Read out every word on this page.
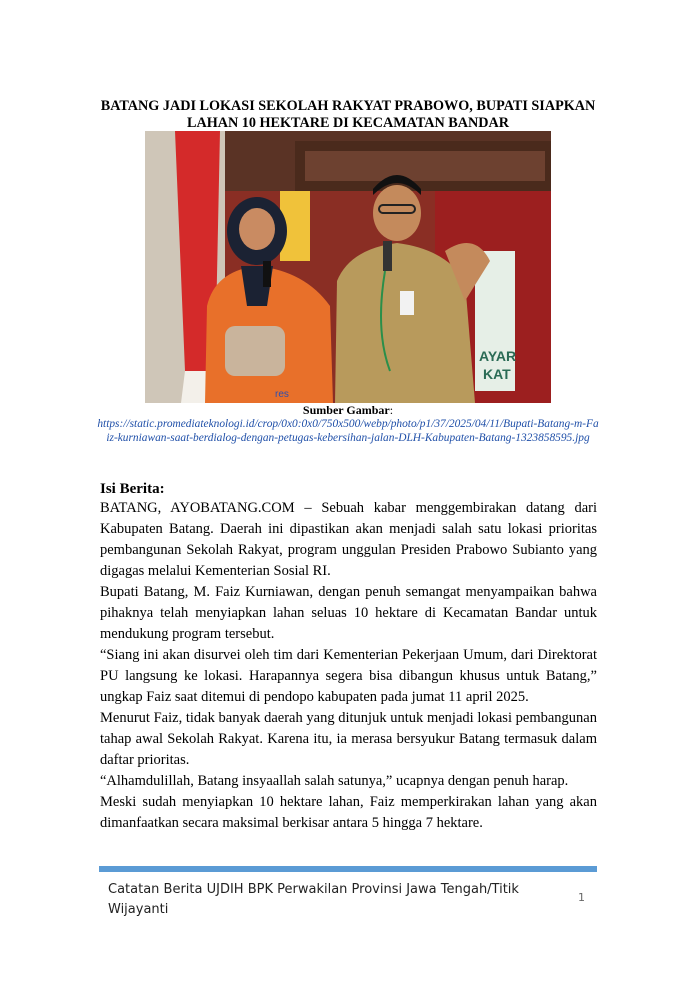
BATANG JADI LOKASI SEKOLAH RAKYAT PRABOWO, BUPATI SIAPKAN LAHAN 10 HEKTARE DI KECAMATAN BANDAR
AYAR
KAT
res
Sumber Gambar:
https://static.promediateknologi.id/crop/0x0:0x0/750x500/webp/photo/p1/37/2025/04/11/Bupati-Batang-m-Faiz-kurniawan-saat-berdialog-dengan-petugas-kebersihan-jalan-DLH-Kabupaten-Batang-1323858595.jpg
Isi Berita:

BATANG, AYOBATANG.COM – Sebuah kabar menggembirakan datang dari Kabupaten Batang. Daerah ini dipastikan akan menjadi salah satu lokasi prioritas pembangunan Sekolah Rakyat, program unggulan Presiden Prabowo Subianto yang digagas melalui Kementerian Sosial RI.

Bupati Batang, M. Faiz Kurniawan, dengan penuh semangat menyampaikan bahwa pihaknya telah menyiapkan lahan seluas 10 hektare di Kecamatan Bandar untuk mendukung program tersebut.

“Siang ini akan disurvei oleh tim dari Kementerian Pekerjaan Umum, dari Direktorat PU langsung ke lokasi. Harapannya segera bisa dibangun khusus untuk Batang,” ungkap Faiz saat ditemui di pendopo kabupaten pada jumat 11 april 2025.

Menurut Faiz, tidak banyak daerah yang ditunjuk untuk menjadi lokasi pembangunan tahap awal Sekolah Rakyat. Karena itu, ia merasa bersyukur Batang termasuk dalam daftar prioritas.

“Alhamdulillah, Batang insyaallah salah satunya,” ucapnya dengan penuh harap.

Meski sudah menyiapkan 10 hektare lahan, Faiz memperkirakan lahan yang akan dimanfaatkan secara maksimal berkisar antara 5 hingga 7 hektare.

Catatan Berita UJDIH BPK Perwakilan Provinsi Jawa Tengah/Titik Wijayanti
1
